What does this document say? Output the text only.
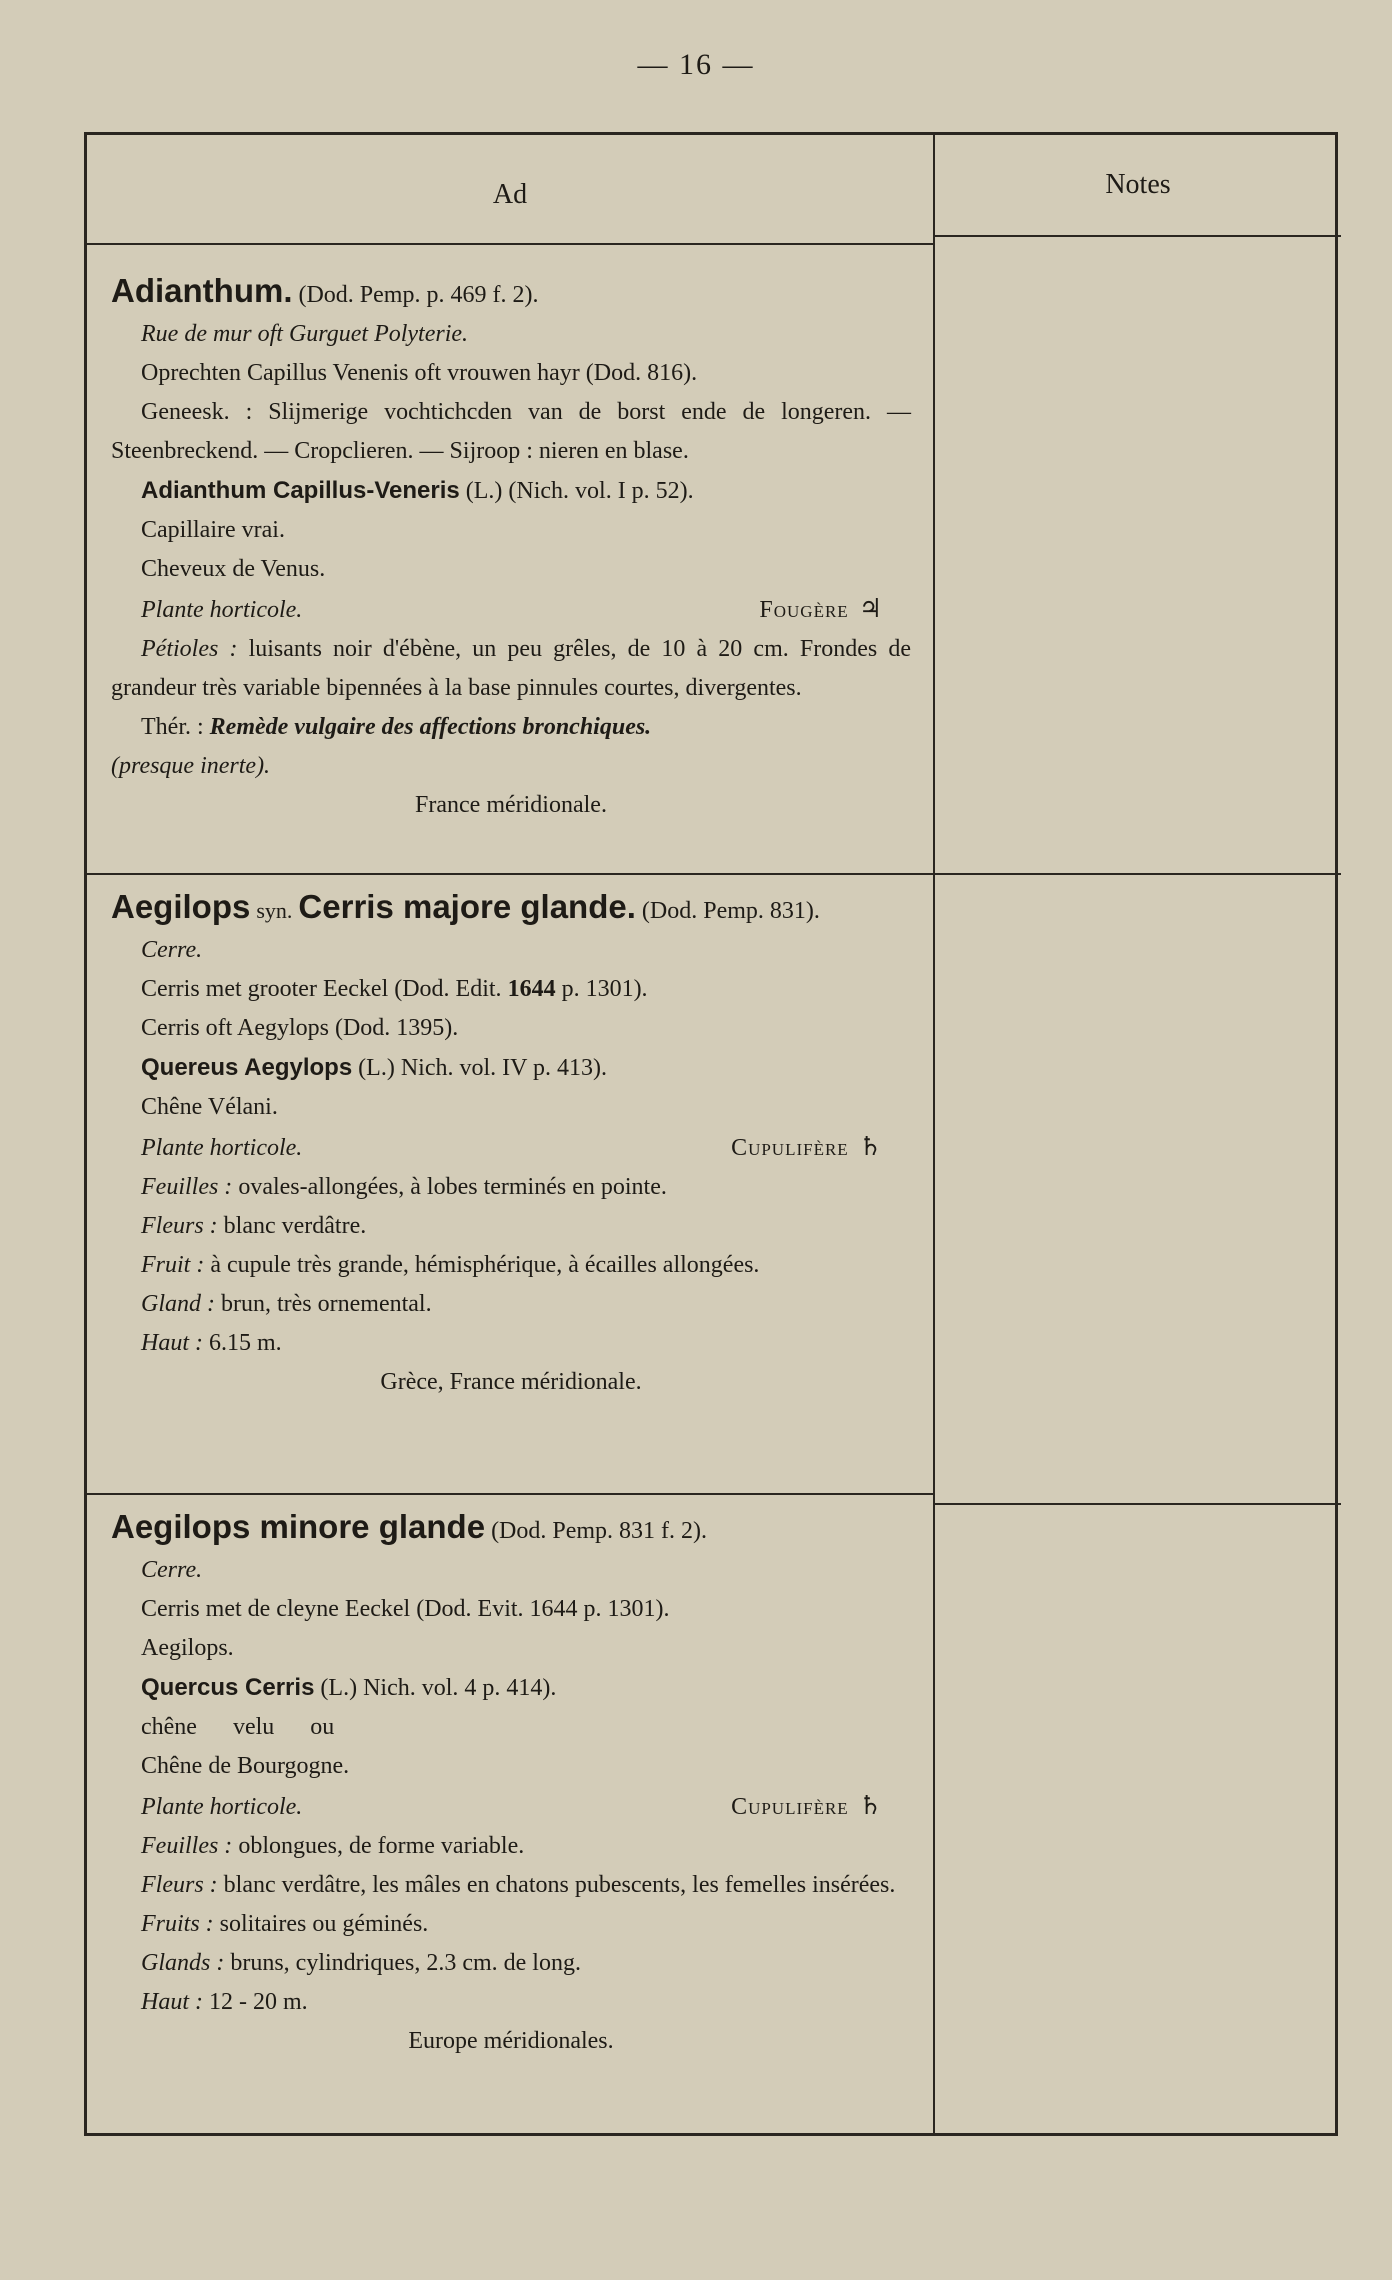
— 16 —
Ad	Notes

Adianthum. (Dod. Pemp. p. 469 f. 2).

Rue de mur oft Gurguet Polyterie.

Oprechten Capillus Venenis oft vrouwen hayr (Dod. 816).

Geneesk. : Slijmerige vochtichcden van de borst ende de longeren. — Steenbreckend. — Cropclieren. — Sijroop : nieren en blase.

Adianthum Capillus-Veneris (L.) (Nich. vol. I p. 52).

Capillaire vrai.

Cheveux de Venus.

Plante horticole.	Fougère ♃

Pétioles : luisants noir d'ébène, un peu grêles, de 10 à 20 cm. Frondes de grandeur très variable bipennées à la base pinnules courtes, divergentes.

Thér. : Remède vulgaire des affections bronchiques.

(presque inerte).

France méridionale.

Aegilops syn. Cerris majore glande. (Dod. Pemp. 831).

Cerre.

Cerris met grooter Eeckel (Dod. Edit. 1644 p. 1301).

Cerris oft Aegylops (Dod. 1395).

Quereus Aegylops (L.) Nich. vol. IV p. 413).

Chêne Vélani.

Plante horticole.	Cupulifère ♄

Feuilles : ovales-allongées, à lobes terminés en pointe.

Fleurs : blanc verdâtre.

Fruit : à cupule très grande, hémisphérique, à écailles allongées.

Gland : brun, très ornemental.

Haut : 6.15 m.

Grèce, France méridionale.

Aegilops minore glande (Dod. Pemp. 831 f. 2).

Cerre.

Cerris met de cleyne Eeckel (Dod. Evit. 1644 p. 1301).

Aegilops.

Quercus Cerris (L.) Nich. vol. 4 p. 414).

chêne velu ou

Chêne de Bourgogne.

Plante horticole.	Cupulifère ♄

Feuilles : oblongues, de forme variable.

Fleurs : blanc verdâtre, les mâles en chatons pubescents, les femelles insérées.

Fruits : solitaires ou géminés.

Glands : bruns, cylindriques, 2.3 cm. de long.

Haut : 12 - 20 m.

Europe méridionales.
